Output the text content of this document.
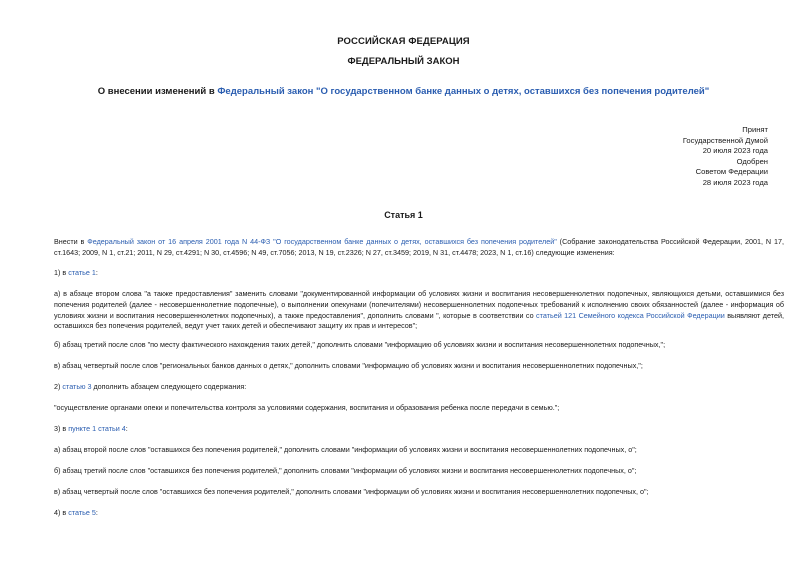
РОССИЙСКАЯ ФЕДЕРАЦИЯ
ФЕДЕРАЛЬНЫЙ ЗАКОН
О внесении изменений в Федеральный закон "О государственном банке данных о детях, оставшихся без попечения родителей"
Принят
Государственной Думой
20 июля 2023 года
Одобрен
Советом Федерации
28 июля 2023 года
Статья 1
Внести в Федеральный закон от 16 апреля 2001 года N 44-ФЗ "О государственном банке данных о детях, оставшихся без попечения родителей" (Собрание законодательства Российской Федерации, 2001, N 17, ст.1643; 2009, N 1, ст.21; 2011, N 29, ст.4291; N 30, ст.4596; N 49, ст.7056; 2013, N 19, ст.2326; N 27, ст.3459; 2019, N 31, ст.4478; 2023, N 1, ст.16) следующие изменения:
1) в статье 1:
а) в абзаце втором слова "а также предоставления" заменить словами "документированной информации об условиях жизни и воспитания несовершеннолетних подопечных, являющихся детьми, оставшимися без попечения родителей (далее - несовершеннолетние подопечные), о выполнении опекунами (попечителями) несовершеннолетних подопечных требований к исполнению своих обязанностей (далее - информация об условиях жизни и воспитания несовершеннолетних подопечных), а также предоставления", дополнить словами ", которые в соответствии со статьей 121 Семейного кодекса Российской Федерации выявляют детей, оставшихся без попечения родителей, ведут учет таких детей и обеспечивают защиту их прав и интересов";
б) абзац третий после слов "по месту фактического нахождения таких детей," дополнить словами "информацию об условиях жизни и воспитания несовершеннолетних подопечных,";
в) абзац четвертый после слов "региональных банков данных о детях," дополнить словами "информацию об условиях жизни и воспитания несовершеннолетних подопечных,";
2) статью 3 дополнить абзацем следующего содержания:
"осуществление органами опеки и попечительства контроля за условиями содержания, воспитания и образования ребенка после передачи в семью.";
3) в пункте 1 статьи 4:
а) абзац второй после слов "оставшихся без попечения родителей," дополнить словами "информации об условиях жизни и воспитания несовершеннолетних подопечных, о";
б) абзац третий после слов "оставшихся без попечения родителей," дополнить словами "информации об условиях жизни и воспитания несовершеннолетних подопечных, о";
в) абзац четвертый после слов "оставшихся без попечения родителей," дополнить словами "информации об условиях жизни и воспитания несовершеннолетних подопечных, о";
4) в статье 5:
